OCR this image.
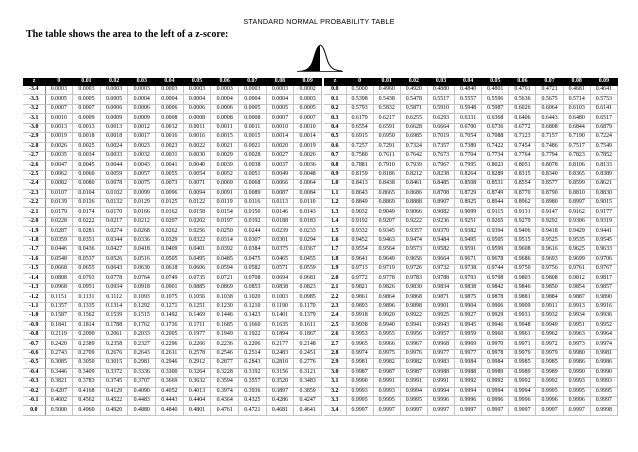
STANDARD NORMAL PROBABILITY TABLE
The table shows the area to the left of a z-score:
z	0	0.01	0.02	0.03	0.04	0.05	0.06	0.07	0.08	0.09
-3.4	0.0003	0.0003	0.0003	0.0003	0.0003	0.0003	0.0003	0.0003	0.0003	0.0002
-3.3	0.0005	0.0005	0.0005	0.0004	0.0004	0.0004	0.0004	0.0004	0.0004	0.0003
-3.2	0.0007	0.0007	0.0006	0.0006	0.0006	0.0006	0.0006	0.0005	0.0005	0.0005
-3.1	0.0010	0.0009	0.0009	0.0009	0.0008	0.0008	0.0008	0.0008	0.0007	0.0007
-3.0	0.0013	0.0013	0.0013	0.0012	0.0012	0.0011	0.0011	0.0011	0.0010	0.0010
-2.9	0.0019	0.0018	0.0018	0.0017	0.0016	0.0016	0.0015	0.0015	0.0014	0.0014
-2.8	0.0026	0.0025	0.0024	0.0023	0.0023	0.0022	0.0021	0.0021	0.0020	0.0019
-2.7	0.0035	0.0034	0.0033	0.0032	0.0031	0.0030	0.0029	0.0028	0.0027	0.0026
-2.6	0.0047	0.0045	0.0044	0.0043	0.0041	0.0040	0.0039	0.0038	0.0037	0.0036
-2.5	0.0062	0.0060	0.0059	0.0057	0.0055	0.0054	0.0052	0.0051	0.0049	0.0048
-2.4	0.0082	0.0080	0.0078	0.0075	0.0073	0.0071	0.0069	0.0068	0.0066	0.0064
-2.3	0.0107	0.0104	0.0102	0.0099	0.0096	0.0094	0.0091	0.0089	0.0087	0.0084
-2.2	0.0139	0.0136	0.0132	0.0129	0.0125	0.0122	0.0119	0.0116	0.0113	0.0110
-2.1	0.0179	0.0174	0.0170	0.0166	0.0162	0.0158	0.0154	0.0150	0.0146	0.0143
-2.0	0.0228	0.0222	0.0217	0.0212	0.0207	0.0202	0.0197	0.0192	0.0188	0.0183
-1.9	0.0287	0.0281	0.0274	0.0268	0.0262	0.0256	0.0250	0.0244	0.0239	0.0233
-1.8	0.0359	0.0351	0.0344	0.0336	0.0329	0.0322	0.0314	0.0307	0.0301	0.0294
-1.7	0.0446	0.0436	0.0427	0.0418	0.0409	0.0401	0.0392	0.0384	0.0375	0.0367
-1.6	0.0548	0.0537	0.0526	0.0516	0.0505	0.0495	0.0485	0.0475	0.0465	0.0455
-1.5	0.0668	0.0655	0.0643	0.0630	0.0618	0.0606	0.0594	0.0582	0.0571	0.0559
-1.4	0.0808	0.0793	0.0778	0.0764	0.0749	0.0735	0.0721	0.0708	0.0694	0.0681
-1.3	0.0968	0.0951	0.0934	0.0918	0.0901	0.0885	0.0869	0.0853	0.0838	0.0823
-1.2	0.1151	0.1131	0.1112	0.1093	0.1075	0.1056	0.1038	0.1020	0.1003	0.0985
-1.1	0.1357	0.1335	0.1314	0.1292	0.1271	0.1251	0.1230	0.1210	0.1190	0.1170
-1.0	0.1587	0.1562	0.1539	0.1515	0.1492	0.1469	0.1446	0.1423	0.1401	0.1379
-0.9	0.1841	0.1814	0.1788	0.1762	0.1736	0.1711	0.1685	0.1660	0.1635	0.1611
-0.8	0.2119	0.2090	0.2061	0.2033	0.2005	0.1977	0.1949	0.1922	0.1894	0.1867
-0.7	0.2420	0.2389	0.2358	0.2327	0.2296	0.2266	0.2236	0.2206	0.2177	0.2148
-0.6	0.2743	0.2709	0.2676	0.2643	0.2611	0.2578	0.2546	0.2514	0.2483	0.2451
-0.5	0.3085	0.3050	0.3015	0.2981	0.2946	0.2912	0.2877	0.2843	0.2810	0.2776
-0.4	0.3446	0.3409	0.3372	0.3336	0.3300	0.3264	0.3228	0.3192	0.3156	0.3121
-0.3	0.3821	0.3783	0.3745	0.3707	0.3669	0.3632	0.3594	0.3557	0.3520	0.3483
-0.2	0.4207	0.4168	0.4129	0.4090	0.4052	0.4013	0.3974	0.3936	0.3897	0.3859
-0.1	0.4602	0.4562	0.4522	0.4483	0.4443	0.4404	0.4364	0.4325	0.4286	0.4247
0.0	0.5000	0.4960	0.4920	0.4880	0.4840	0.4801	0.4761	0.4721	0.4681	0.4641
z	0	0.01	0.02	0.03	0.04	0.05	0.06	0.07	0.08	0.09
0.0	0.5000	0.4960	0.4920	0.4880	0.4840	0.4801	0.4761	0.4721	0.4681	0.4641
0.1	0.5398	0.5438	0.5478	0.5517	0.5557	0.5596	0.5636	0.5675	0.5714	0.5753
0.2	0.5793	0.5832	0.5871	0.5910	0.5948	0.5987	0.6026	0.6064	0.6103	0.6141
0.3	0.6179	0.6217	0.6255	0.6293	0.6331	0.6368	0.6406	0.6443	0.6480	0.6517
0.4	0.6554	0.6591	0.6628	0.6664	0.6700	0.6736	0.6772	0.6808	0.6844	0.6879
0.5	0.6915	0.6950	0.6985	0.7019	0.7054	0.7088	0.7123	0.7157	0.7190	0.7224
0.6	0.7257	0.7291	0.7324	0.7357	0.7389	0.7422	0.7454	0.7486	0.7517	0.7549
0.7	0.7580	0.7611	0.7642	0.7673	0.7704	0.7734	0.7764	0.7794	0.7823	0.7852
0.8	0.7881	0.7910	0.7939	0.7967	0.7995	0.8023	0.8051	0.8078	0.8106	0.8133
0.9	0.8159	0.8186	0.8212	0.8238	0.8264	0.8289	0.8315	0.8340	0.8365	0.8389
1.0	0.8413	0.8438	0.8461	0.8485	0.8508	0.8531	0.8554	0.8577	0.8599	0.8621
1.1	0.8643	0.8665	0.8686	0.8708	0.8729	0.8749	0.8770	0.8790	0.8810	0.8830
1.2	0.8849	0.8869	0.8888	0.8907	0.8925	0.8944	0.8962	0.8980	0.8997	0.9015
1.3	0.9032	0.9049	0.9066	0.9082	0.9099	0.9115	0.9131	0.9147	0.9162	0.9177
1.4	0.9192	0.9207	0.9222	0.9236	0.9251	0.9265	0.9279	0.9292	0.9306	0.9319
1.5	0.9332	0.9345	0.9357	0.9370	0.9382	0.9394	0.9406	0.9418	0.9429	0.9441
1.6	0.9452	0.9463	0.9474	0.9484	0.9495	0.9505	0.9515	0.9525	0.9535	0.9545
1.7	0.9554	0.9564	0.9573	0.9582	0.9591	0.9599	0.9608	0.9616	0.9625	0.9633
1.8	0.9641	0.9649	0.9656	0.9664	0.9671	0.9678	0.9686	0.9693	0.9699	0.9706
1.9	0.9713	0.9719	0.9726	0.9732	0.9738	0.9744	0.9750	0.9756	0.9761	0.9767
2.0	0.9772	0.9778	0.9783	0.9788	0.9793	0.9798	0.9803	0.9808	0.9812	0.9817
2.1	0.9821	0.9826	0.9830	0.9834	0.9838	0.9842	0.9846	0.9850	0.9854	0.9857
2.2	0.9861	0.9864	0.9868	0.9871	0.9875	0.9878	0.9881	0.9884	0.9887	0.9890
2.3	0.9893	0.9896	0.9898	0.9901	0.9904	0.9906	0.9909	0.9911	0.9913	0.9916
2.4	0.9918	0.9920	0.9922	0.9925	0.9927	0.9929	0.9931	0.9932	0.9934	0.9936
2.5	0.9938	0.9940	0.9941	0.9943	0.9945	0.9946	0.9948	0.9949	0.9951	0.9952
2.6	0.9953	0.9955	0.9956	0.9957	0.9959	0.9960	0.9961	0.9962	0.9963	0.9964
2.7	0.9965	0.9966	0.9967	0.9968	0.9969	0.9970	0.9971	0.9972	0.9973	0.9974
2.8	0.9974	0.9975	0.9976	0.9977	0.9977	0.9978	0.9979	0.9979	0.9980	0.9981
2.9	0.9981	0.9982	0.9982	0.9983	0.9984	0.9984	0.9985	0.9985	0.9986	0.9986
3.0	0.9987	0.9987	0.9987	0.9988	0.9988	0.9989	0.9989	0.9989	0.9990	0.9990
3.1	0.9990	0.9991	0.9991	0.9991	0.9992	0.9992	0.9992	0.9992	0.9993	0.9993
3.2	0.9993	0.9993	0.9994	0.9994	0.9994	0.9994	0.9994	0.9995	0.9995	0.9995
3.3	0.9995	0.9995	0.9995	0.9996	0.9996	0.9996	0.9996	0.9996	0.9996	0.9997
3.4	0.9997	0.9997	0.9997	0.9997	0.9997	0.9997	0.9997	0.9997	0.9997	0.9998
